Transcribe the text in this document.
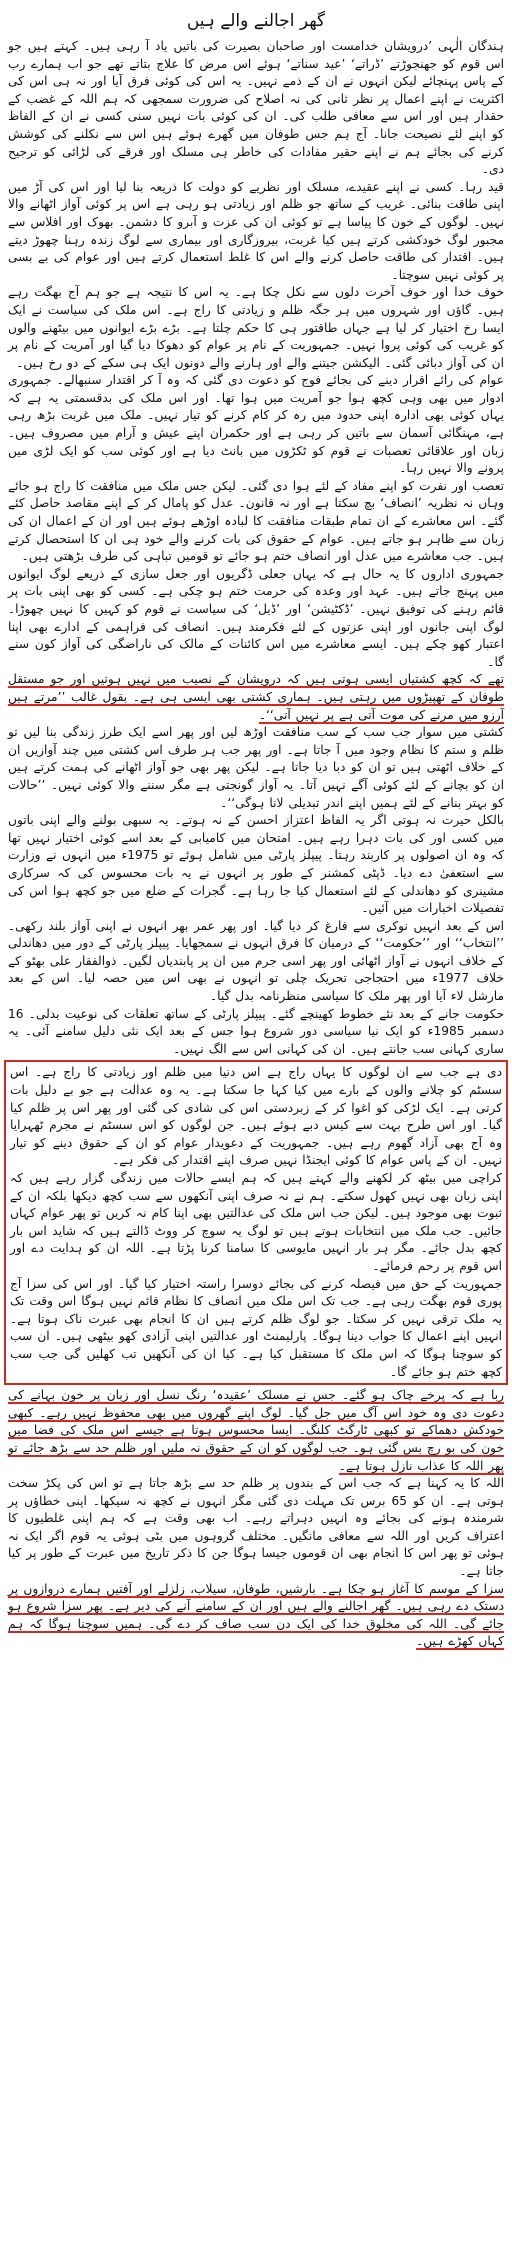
گھر اجالنے والے ہیں

ہندگان الٰہی ’درویشان خدامست اور صاحبان بصیرت کی باتیں یاد آ رہی ہیں۔ کہتے ہیں جو اس قوم کو جھنجوڑتے ’ڈراتے‘ ’عید سناتے‘ ہوئے اس مرض کا علاج بتاتے تھے جو اب ہمارے رب کے پاس پہنچائے لیکن انہوں نے ان کے ذمے نہیں۔ یہ اس کی کوئی فرق آیا اور نہ ہی اس کی اکثریت نے اپنے اعمال پر نظر ثانی کی نہ اصلاح کی ضرورت سمجھی کہ ہم اللہ کے غضب کے حقدار ہیں اور اس سے معافی طلب کی۔ ان کی کوئی بات نہیں سنی کسی نے ان کے الفاظ کو اپنے لئے نصیحت جانا۔ آج ہم جس طوفان میں گھرے ہوئے ہیں اس سے نکلنے کی کوشش کرنے کی بجائے ہم نے اپنے حقیر مفادات کی خاطر ہی مسلک اور فرقے کی لڑائی کو ترجیح دی۔

قید رہا۔ کسی نے اپنے عقیدے، مسلک اور نظریے کو دولت کا ذریعہ بنا لیا اور اس کی آڑ میں اپنی طاقت بنائی۔ غریب کے ساتھ جو ظلم اور زیادتی ہو رہی ہے اس پر کوئی آواز اٹھانے والا نہیں۔ لوگوں کے خون کا پیاسا ہے تو کوئی ان کی عزت و آبرو کا دشمن۔ بھوک اور افلاس سے مجبور لوگ خودکشی کرتے ہیں کیا غربت، بیروزگاری اور بیماری سے لوگ زندہ رہنا چھوڑ دیتے ہیں۔ اقتدار کی طاقت حاصل کرنے والے اس کا غلط استعمال کرتے ہیں اور عوام کی بے بسی پر کوئی نہیں سوچتا۔

خوف خدا اور خوف آخرت دلوں سے نکل چکا ہے۔ یہ اس کا نتیجہ ہے جو ہم آج بھگت رہے ہیں۔ گاؤں اور شہروں میں ہر جگہ ظلم و زیادتی کا راج ہے۔ اس ملک کی سیاست نے ایک ایسا رخ اختیار کر لیا ہے جہاں طاقتور ہی کا حکم چلتا ہے۔ بڑے بڑے ایوانوں میں بیٹھنے والوں کو غریب کی کوئی پروا نہیں۔ جمہوریت کے نام پر عوام کو دھوکا دیا گیا اور آمریت کے نام پر ان کی آواز دبائی گئی۔ الیکشن جیتنے والے اور ہارنے والے دونوں ایک ہی سکے کے دو رخ ہیں۔

عوام کی رائے اقرار دینے کی بجائے فوج کو دعوت دی گئی کہ وہ آ کر اقتدار سنبھالے۔ جمہوری ادوار میں بھی وہی کچھ ہوا جو آمریت میں ہوا تھا۔ اور اس ملک کی بدقسمتی یہ ہے کہ یہاں کوئی بھی ادارہ اپنی حدود میں رہ کر کام کرنے کو تیار نہیں۔ ملک میں غربت بڑھ رہی ہے، مہنگائی آسمان سے باتیں کر رہی ہے اور حکمران اپنے عیش و آرام میں مصروف ہیں۔ زبان اور علاقائی تعصبات نے قوم کو ٹکڑوں میں بانٹ دیا ہے اور کوئی سب کو ایک لڑی میں پرونے والا نہیں رہا۔

تعصب اور نفرت کو اپنے مفاد کے لئے ہوا دی گئی۔ لیکن جس ملک میں منافقت کا راج ہو جائے وہاں نہ نظریہ ’انصاف‘ بچ سکتا ہے اور نہ قانون۔ عدل کو پامال کر کے اپنے مقاصد حاصل کئے گئے۔ اس معاشرے کے ان تمام طبقات منافقت کا لبادہ اوڑھے ہوئے ہیں اور ان کے اعمال ان کی زبان سے ظاہر ہو جاتے ہیں۔ عوام کے حقوق کی بات کرنے والے خود ہی ان کا استحصال کرتے ہیں۔ جب معاشرے میں عدل اور انصاف ختم ہو جائے تو قومیں تباہی کی طرف بڑھتی ہیں۔

جمہوری اداروں کا یہ حال ہے کہ یہاں جعلی ڈگریوں اور جعل سازی کے ذریعے لوگ ایوانوں میں پہنچ جاتے ہیں۔ عہد اور وعدہ کی حرمت ختم ہو چکی ہے۔ کسی کو بھی اپنی بات پر قائم رہنے کی توفیق نہیں۔ ’ڈکٹیشن‘ اور ’ڈیل‘ کی سیاست نے قوم کو کہیں کا نہیں چھوڑا۔ لوگ اپنی جانوں اور اپنی عزتوں کے لئے فکرمند ہیں۔ انصاف کی فراہمی کے ادارے بھی اپنا اعتبار کھو چکے ہیں۔ ایسے معاشرے میں اس کائنات کے مالک کی ناراضگی کی آواز کون سنے گا۔

تھے کہ کچھ کشتیاں ایسی ہوتی ہیں کہ درویشان کے نصیب میں نہیں ہوتیں اور جو مستقل طوفان کے تھپیڑوں میں رہتی ہیں۔ ہماری کشتی بھی ایسی ہی ہے۔ بقول غالب ’’مرتے ہیں آرزو میں مرنے کی موت آتی ہے پر نہیں آتی‘‘۔

کشتی میں سوار جب سب کے سب منافقت اوڑھ لیں اور پھر اسے ایک طرز زندگی بنا لیں تو ظلم و ستم کا نظام وجود میں آ جاتا ہے۔ اور پھر جب ہر طرف اس کشتی میں چند آوازیں ان کے خلاف اٹھتی ہیں تو ان کو دبا دیا جاتا ہے۔ لیکن پھر بھی جو آواز اٹھانے کی ہمت کرتے ہیں ان کو بچانے کے لئے کوئی آگے نہیں آتا۔ یہ آواز گونجتی ہے مگر سننے والا کوئی نہیں۔ ’’حالات کو بہتر بنانے کے لئے ہمیں اپنے اندر تبدیلی لانا ہوگی‘‘۔

بالکل حیرت نہ ہوتی اگر یہ الفاظ اعتزاز احسن کے نہ ہوتے۔ یہ سبھی بولنے والے اپنی باتوں میں کسی اور کی بات دہرا رہے ہیں۔ امتحان میں کامیابی کے بعد اسے کوئی اختیار نہیں تھا کہ وہ ان اصولوں پر کاربند رہتا۔ پیپلز پارٹی میں شامل ہوئے تو 1975ء میں انہوں نے وزارت سے استعفیٰ دے دیا۔ ڈپٹی کمشنر کے طور پر انہوں نے یہ بات محسوس کی کہ سرکاری مشینری کو دھاندلی کے لئے استعمال کیا جا رہا ہے۔ گجرات کے ضلع میں جو کچھ ہوا اس کی تفصیلات اخبارات میں آئیں۔

اس کے بعد انہیں نوکری سے فارغ کر دیا گیا۔ اور پھر عمر بھر انہوں نے اپنی آواز بلند رکھی۔ ’’انتخاب‘‘ اور ’’حکومت‘‘ کے درمیان کا فرق انہوں نے سمجھایا۔ پیپلز پارٹی کے دور میں دھاندلی کے خلاف انہوں نے آواز اٹھائی اور پھر اسی جرم میں ان پر پابندیاں لگیں۔ ذوالفقار علی بھٹو کے خلاف 1977ء میں احتجاجی تحریک چلی تو انہوں نے بھی اس میں حصہ لیا۔ اس کے بعد مارشل لاء آیا اور پھر ملک کا سیاسی منظرنامہ بدل گیا۔

حکومت جانے کے بعد نئے خطوط کھینچے گئے۔ پیپلز پارٹی کے ساتھ تعلقات کی نوعیت بدلی۔ 16 دسمبر 1985ء کو ایک نیا سیاسی دور شروع ہوا جس کے بعد ایک نئی دلیل سامنے آئی۔ یہ ساری کہانی سب جانتے ہیں۔ ان کی کہانی اس سے الگ نہیں۔

دی ہے جب سے ان لوگوں کا یہاں راج ہے اس دنیا میں ظلم اور زیادتی کا راج ہے۔ اس سسٹم کو چلانے والوں کے بارے میں کیا کہا جا سکتا ہے۔ یہ وہ عدالت ہے جو بے دلیل بات کرتی ہے۔ ایک لڑکی کو اغوا کر کے زبردستی اس کی شادی کی گئی اور پھر اس پر ظلم کیا گیا۔ اور اس طرح بہت سے کیس دبے ہوئے ہیں۔ جن لوگوں کو اس سسٹم نے مجرم ٹھہرایا وہ آج بھی آزاد گھوم رہے ہیں۔ جمہوریت کے دعویدار عوام کو ان کے حقوق دینے کو تیار نہیں۔ ان کے پاس عوام کا کوئی ایجنڈا نہیں صرف اپنے اقتدار کی فکر ہے۔

کراچی میں بیٹھ کر لکھنے والے کہتے ہیں کہ ہم ایسے حالات میں زندگی گزار رہے ہیں کہ اپنی زبان بھی نہیں کھول سکتے۔ ہم نے نہ صرف اپنی آنکھوں سے سب کچھ دیکھا بلکہ ان کے ثبوت بھی موجود ہیں۔ لیکن جب اس ملک کی عدالتیں بھی اپنا کام نہ کریں تو پھر عوام کہاں جائیں۔ جب ملک میں انتخابات ہوتے ہیں تو لوگ یہ سوچ کر ووٹ ڈالتے ہیں کہ شاید اس بار کچھ بدل جائے۔ مگر ہر بار انہیں مایوسی کا سامنا کرنا پڑتا ہے۔ اللہ ان کو ہدایت دے اور اس قوم پر رحم فرمائے۔

جمہوریت کے حق میں فیصلہ کرنے کی بجائے دوسرا راستہ اختیار کیا گیا۔ اور اس کی سزا آج پوری قوم بھگت رہی ہے۔ جب تک اس ملک میں انصاف کا نظام قائم نہیں ہوگا اس وقت تک یہ ملک ترقی نہیں کر سکتا۔ جو لوگ ظلم کرتے ہیں ان کا انجام بھی عبرت ناک ہوتا ہے۔ انہیں اپنے اعمال کا جواب دینا ہوگا۔ پارلیمنٹ اور عدالتیں اپنی آزادی کھو بیٹھی ہیں۔ ان سب کو سوچنا ہوگا کہ اس ملک کا مستقبل کیا ہے۔ کیا ان کی آنکھیں تب کھلیں گی جب سب کچھ ختم ہو جائے گا۔

ربا ہے کہ پرخے چاک ہو گئے۔ جس نے مسلک ’عقیدہ‘ رنگ نسل اور زبان پر خون بہانے کی دعوت دی وہ خود اس آگ میں جل گیا۔ لوگ اپنے گھروں میں بھی محفوظ نہیں رہے۔ کبھی خودکش دھماکے تو کبھی ٹارگٹ کلنگ۔ ایسا محسوس ہوتا ہے جیسے اس ملک کی فضا میں خون کی بو رچ بس گئی ہو۔ جب لوگوں کو ان کے حقوق نہ ملیں اور ظلم حد سے بڑھ جائے تو پھر اللہ کا عذاب نازل ہوتا ہے۔

اللہ کا یہ کہنا ہے کہ جب اس کے بندوں پر ظلم حد سے بڑھ جاتا ہے تو اس کی پکڑ سخت ہوتی ہے۔ ان کو 65 برس تک مہلت دی گئی مگر انہوں نے کچھ نہ سیکھا۔ اپنی خطاؤں پر شرمندہ ہونے کی بجائے وہ انہیں دہراتے رہے۔ اب بھی وقت ہے کہ ہم اپنی غلطیوں کا اعتراف کریں اور اللہ سے معافی مانگیں۔ مختلف گروہوں میں بٹی ہوئی یہ قوم اگر ایک نہ ہوئی تو پھر اس کا انجام بھی ان قوموں جیسا ہوگا جن کا ذکر تاریخ میں عبرت کے طور پر کیا جاتا ہے۔

سزا کے موسم کا آغاز ہو چکا ہے۔ بارشیں، طوفان، سیلاب، زلزلے اور آفتیں ہمارے دروازوں پر دستک دے رہی ہیں۔ گھر اجالنے والے ہیں اور ان کے سامنے آنے کی دیر ہے۔ پھر سزا شروع ہو جائے گی۔ اللہ کی مخلوق خدا کی ایک دن سب صاف کر دے گی۔ ہمیں سوچنا ہوگا کہ ہم کہاں کھڑے ہیں۔
